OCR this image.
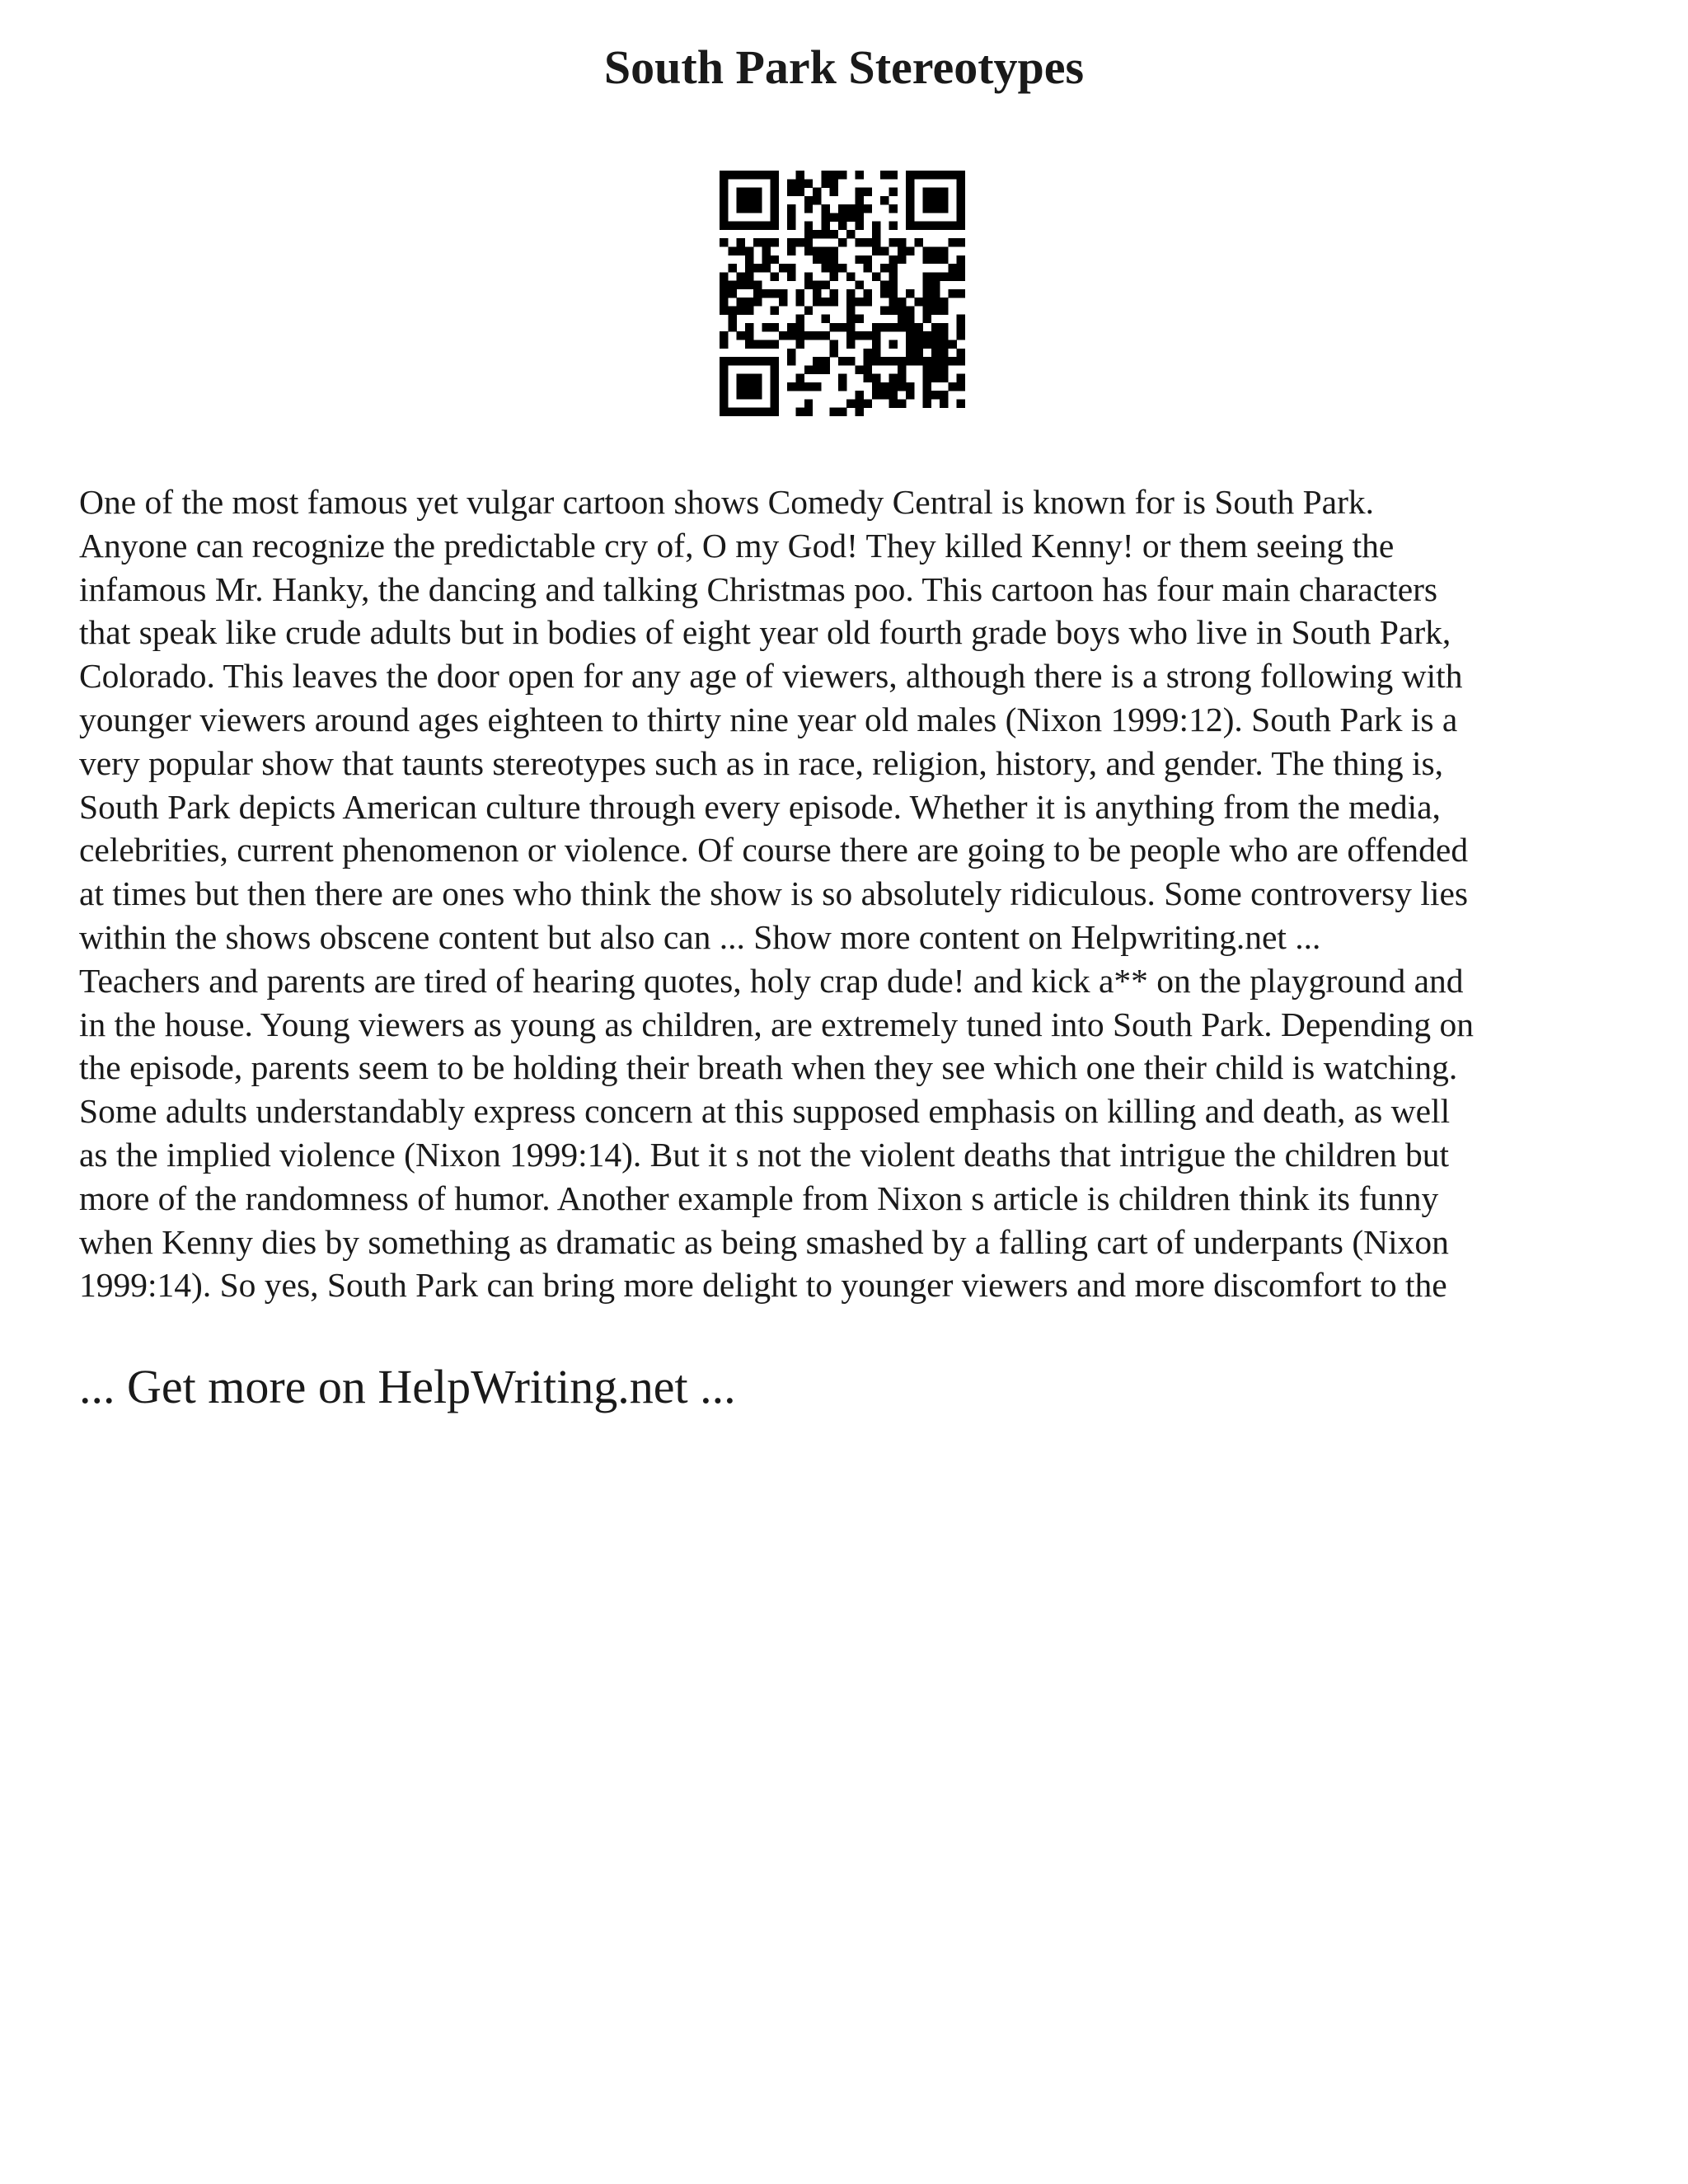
South Park Stereotypes
One of the most famous yet vulgar cartoon shows Comedy Central is known for is South Park.
Anyone can recognize the predictable cry of, O my God! They killed Kenny! or them seeing the
infamous Mr. Hanky, the dancing and talking Christmas poo. This cartoon has four main characters
that speak like crude adults but in bodies of eight year old fourth grade boys who live in South Park,
Colorado. This leaves the door open for any age of viewers, although there is a strong following with
younger viewers around ages eighteen to thirty nine year old males (Nixon 1999:12). South Park is a
very popular show that taunts stereotypes such as in race, religion, history, and gender. The thing is,
South Park depicts American culture through every episode. Whether it is anything from the media,
celebrities, current phenomenon or violence. Of course there are going to be people who are offended
at times but then there are ones who think the show is so absolutely ridiculous. Some controversy lies
within the shows obscene content but also can ... Show more content on Helpwriting.net ...
Teachers and parents are tired of hearing quotes, holy crap dude! and kick a** on the playground and
in the house. Young viewers as young as children, are extremely tuned into South Park. Depending on
the episode, parents seem to be holding their breath when they see which one their child is watching.
Some adults understandably express concern at this supposed emphasis on killing and death, as well
as the implied violence (Nixon 1999:14). But it s not the violent deaths that intrigue the children but
more of the randomness of humor. Another example from Nixon s article is children think its funny
when Kenny dies by something as dramatic as being smashed by a falling cart of underpants (Nixon
1999:14). So yes, South Park can bring more delight to younger viewers and more discomfort to the
... Get more on HelpWriting.net ...
